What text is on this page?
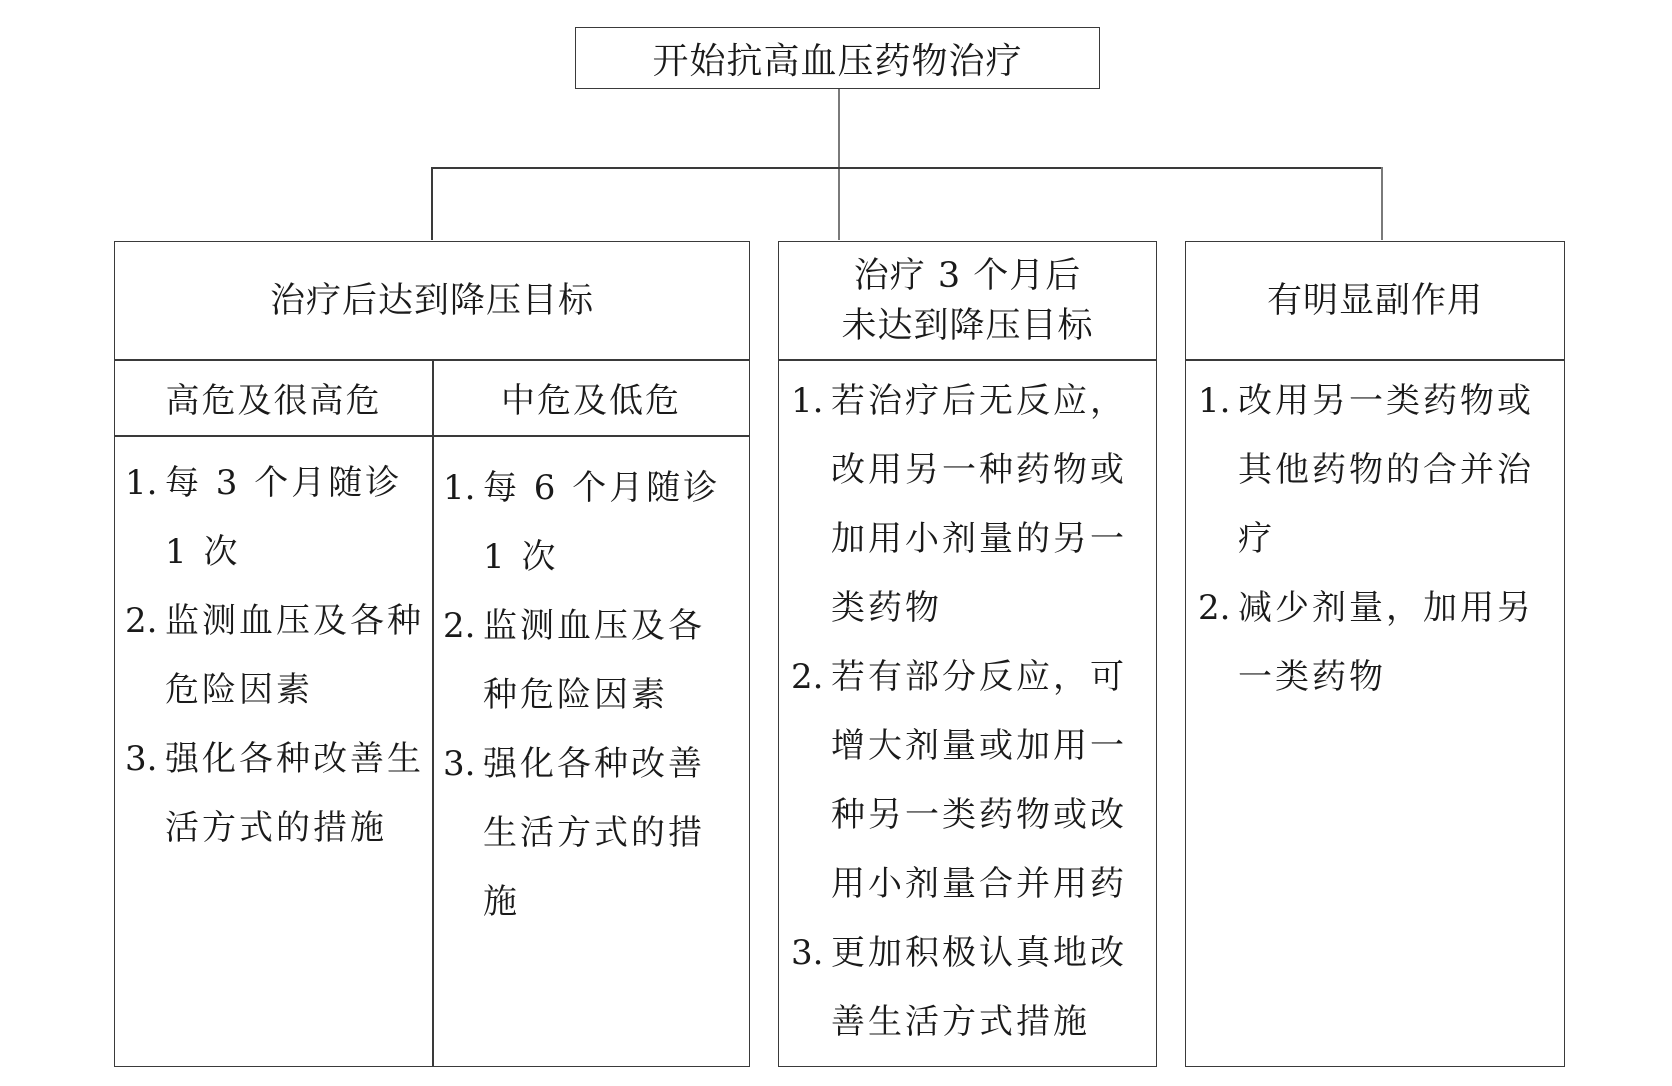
开始抗高血压药物治疗
治疗后达到降压目标
高危及很高危	中危及低危
1. 每 3 个月随诊 1 次
2. 监测血压及各种危险因素
3. 强化各种改善生活方式的措施
1. 每 6 个月随诊 1 次
2. 监测血压及各种危险因素
3. 强化各种改善生活方式的措施
治疗 3 个月后
未达到降压目标
1. 若治疗后无反应，改用另一种药物或加用小剂量的另一类药物
2. 若有部分反应，可增大剂量或加用一种另一类药物或改用小剂量合并用药
3. 更加积极认真地改善生活方式措施
有明显副作用
1. 改用另一类药物或其他药物的合并治疗
2. 减少剂量，加用另一类药物
